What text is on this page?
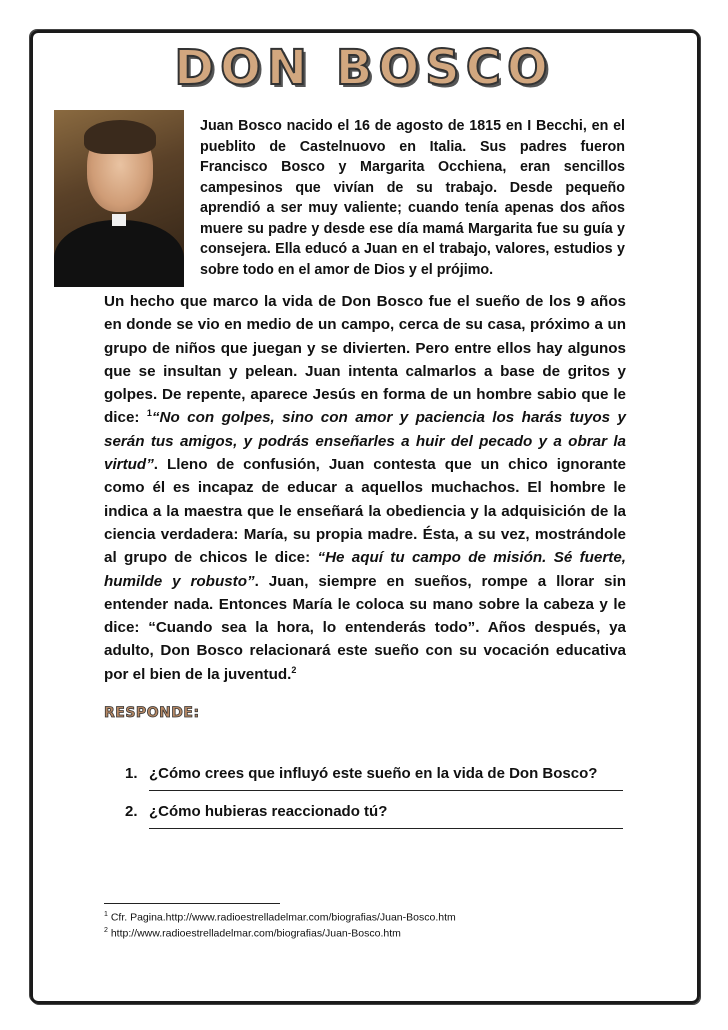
DON BOSCO
Juan Bosco nacido el 16 de agosto de 1815 en I Becchi, en el pueblito de Castelnuovo en Italia. Sus padres fueron Francisco Bosco y Margarita Occhiena, eran sencillos campesinos que vivían de su trabajo. Desde pequeño aprendió a ser muy valiente; cuando tenía apenas dos años muere su padre y desde ese día mamá Margarita fue su guía y consejera. Ella educó a Juan en el trabajo, valores, estudios y sobre todo en el amor de Dios y el prójimo.
Un hecho que marco la vida de Don Bosco fue el sueño de los 9 años en donde se vio en medio de un campo, cerca de su casa, próximo a un grupo de niños que juegan y se divierten. Pero entre ellos hay algunos que se insultan y pelean. Juan intenta calmarlos a base de gritos y golpes. De repente, aparece Jesús en forma de un hombre sabio que le dice: $^1$“No con golpes, sino con amor y paciencia los harás tuyos y serán tus amigos, y podrás enseñarles a huir del pecado y a obrar la virtud”. Lleno de confusión, Juan contesta que un chico ignorante como él es incapaz de educar a aquellos muchachos. El hombre le indica a la maestra que le enseñará la obediencia y la adquisición de la ciencia verdadera: María, su propia madre. Ésta, a su vez, mostrándole al grupo de chicos le dice: “He aquí tu campo de misión. Sé fuerte, humilde y robusto”. Juan, siempre en sueños, rompe a llorar sin entender nada. Entonces María le coloca su mano sobre la cabeza y le dice: “Cuando sea la hora, lo entenderás todo”. Años después, ya adulto, Don Bosco relacionará este sueño con su vocación educativa por el bien de la juventud.$^2$
RESPONDE:
1. ¿Cómo crees que influyó este sueño en la vida de Don Bosco?
2. ¿Cómo hubieras reaccionado tú?
$^1$ Cfr. Pagina.http://www.radioestrelladelmar.com/biografias/Juan-Bosco.htm
$^2$ http://www.radioestrelladelmar.com/biografias/Juan-Bosco.htm
